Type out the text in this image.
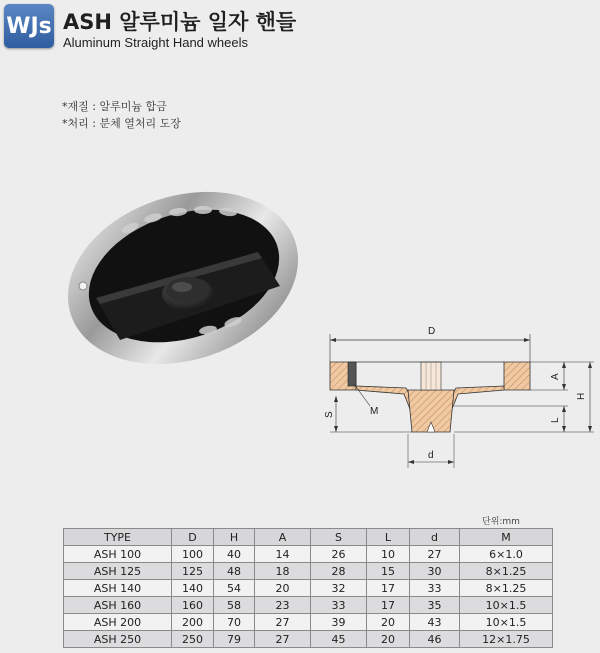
WJs ASH 알루미늄 일자 핸들
Aluminum Straight Hand wheels
*재질 : 알루미늄 합금
*처리 : 분체 열처리 도장
D
M
S
d
A
L
H
단위:mm
TYPE	D	H	A	S	L	d	M
ASH 100	100	40	14	26	10	27	6×1.0
ASH 125	125	48	18	28	15	30	8×1.25
ASH 140	140	54	20	32	17	33	8×1.25
ASH 160	160	58	23	33	17	35	10×1.5
ASH 200	200	70	27	39	20	43	10×1.5
ASH 250	250	79	27	45	20	46	12×1.75
